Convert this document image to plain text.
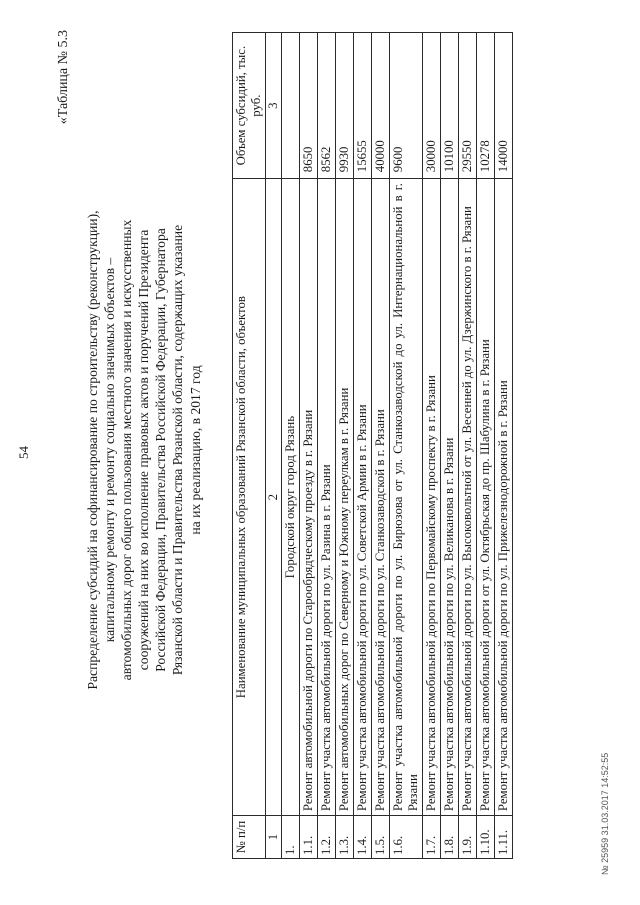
54
«Таблица № 5.3
Распределение субсидий на софинансирование по строительству (реконструкции), капитальному ремонту и ремонту социально значимых объектов – автомобильных дорог общего пользования местного значения и искусственных сооружений на них во исполнение правовых актов и поручений Президента Российской Федерации, Правительства Российской Федерации, Губернатора Рязанской области и Правительства Рязанской области, содержащих указание на их реализацию, в 2017 год
№ п/п	Наименование муниципальных образований Рязанской области, объектов	Объем субсидий, тыс. руб.
1	2	3
1.	Городской округ город Рязань	
1.1.	Ремонт автомобильной дороги по Старообрядческому проезду в г. Рязани	8650
1.2.	Ремонт участка автомобильной дороги по ул. Разина в г. Рязани	8562
1.3.	Ремонт автомобильных дорог по Северному и Южному переулкам в г. Рязани	9930
1.4.	Ремонт участка автомобильной дороги по ул. Советской Армии в г. Рязани	15655
1.5.	Ремонт участка автомобильной дороги по ул. Станкозаводской в г. Рязани	40000
1.6.	Ремонт участка автомобильной дороги по ул. Бирюзова от ул. Станкозаводской до ул. Интернациональной в г. Рязани	9600
1.7.	Ремонт участка автомобильной дороги по Первомайскому проспекту в г. Рязани	30000
1.8.	Ремонт участка автомобильной дороги по ул. Великанова в г. Рязани	10100
1.9.	Ремонт участка автомобильной дороги по ул. Высоковольтной от ул. Весенней до ул. Дзержинского в г. Рязани	29550
1.10.	Ремонт участка автомобильной дороги от ул. Октябрьская до пр. Шабулина в г. Рязани	10278
1.11.	Ремонт участка автомобильной дороги по ул. Прижелезнодорожной в г. Рязани	14000
№ 25959 31.03.2017 14:52:55
